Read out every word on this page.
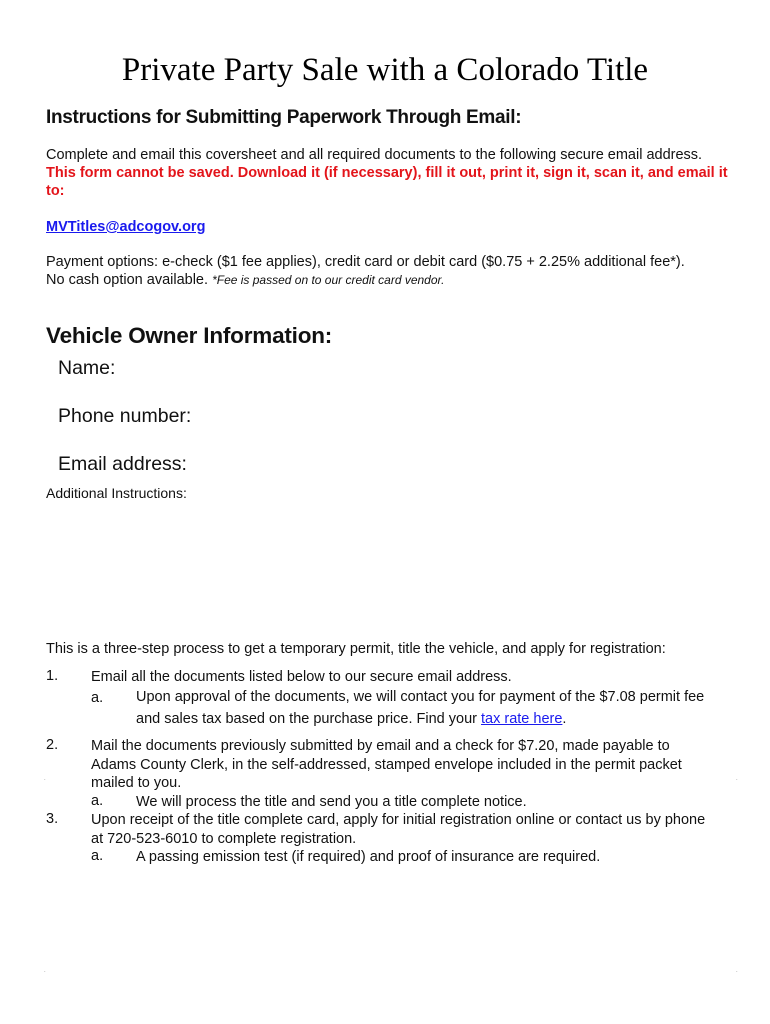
Private Party Sale with a Colorado Title
Instructions for Submitting Paperwork Through Email:
Complete and email this coversheet and all required documents to the following secure email address.
This form cannot be saved. Download it (if necessary), fill it out, print it, sign it, scan it, and email it to:
MVTitles@adcogov.org
Payment options: e-check ($1 fee applies), credit card or debit card ($0.75 + 2.25% additional fee*).
No cash option available. *Fee is passed on to our credit card vendor.
Vehicle Owner Information:
Name:
Phone number:
Email address:
Additional Instructions:
This is a three-step process to get a temporary permit, title the vehicle, and apply for registration:
1. Email all the documents listed below to our secure email address.
a. Upon approval of the documents, we will contact you for payment of the $7.08 permit fee and sales tax based on the purchase price. Find your tax rate here.
2. Mail the documents previously submitted by email and a check for $7.20, made payable to Adams County Clerk, in the self-addressed, stamped envelope included in the permit packet mailed to you.
a. We will process the title and send you a title complete notice.
3. Upon receipt of the title complete card, apply for initial registration online or contact us by phone at 720-523-6010 to complete registration.
a. A passing emission test (if required) and proof of insurance are required.
.	.
.	.
